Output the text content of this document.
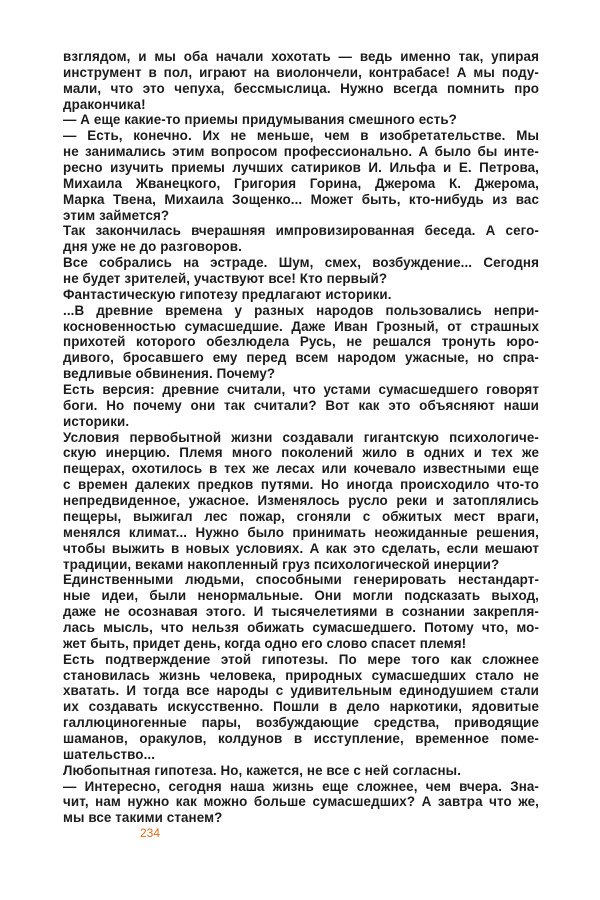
взглядом, и мы оба начали хохотать — ведь именно так, упирая
инструмент в пол, играют на виолончели, контрабасе! А мы поду-
мали, что это чепуха, бессмыслица. Нужно всегда помнить про
дракончика!
— А еще какие-то приемы придумывания смешного есть?
— Есть, конечно. Их не меньше, чем в изобретательстве. Мы
не занимались этим вопросом профессионально. А было бы инте-
ресно изучить приемы лучших сатириков И. Ильфа и Е. Петрова,
Михаила Жванецкого, Григория Горина, Джерома К. Джерома,
Марка Твена, Михаила Зощенко... Может быть, кто-нибудь из вас
этим займется?
Так закончилась вчерашняя импровизированная беседа. А сего-
дня уже не до разговоров.
Все собрались на эстраде. Шум, смех, возбуждение... Сегодня
не будет зрителей, участвуют все! Кто первый?
Фантастическую гипотезу предлагают историки.
...В древние времена у разных народов пользовались непри-
косновенностью сумасшедшие. Даже Иван Грозный, от страшных
прихотей которого обезлюдела Русь, не решался тронуть юро-
дивого, бросавшего ему перед всем народом ужасные, но спра-
ведливые обвинения. Почему?
Есть версия: древние считали, что устами сумасшедшего говорят
боги. Но почему они так считали? Вот как это объясняют наши
историки.
Условия первобытной жизни создавали гигантскую психологиче-
скую инерцию. Племя много поколений жило в одних и тех же
пещерах, охотилось в тех же лесах или кочевало известными еще
с времен далеких предков путями. Но иногда происходило что-то
непредвиденное, ужасное. Изменялось русло реки и затоплялись
пещеры, выжигал лес пожар, сгоняли с обжитых мест враги,
менялся климат... Нужно было принимать неожиданные решения,
чтобы выжить в новых условиях. А как это сделать, если мешают
традиции, веками накопленный груз психологической инерции?
Единственными людьми, способными генерировать нестандарт-
ные идеи, были ненормальные. Они могли подсказать выход,
даже не осознавая этого. И тысячелетиями в сознании закрепля-
лась мысль, что нельзя обижать сумасшедшего. Потому что, мо-
жет быть, придет день, когда одно его слово спасет племя!
Есть подтверждение этой гипотезы. По мере того как сложнее
становилась жизнь человека, природных сумасшедших стало не
хватать. И тогда все народы с удивительным единодушием стали
их создавать искусственно. Пошли в дело наркотики, ядовитые
галлюциногенные пары, возбуждающие средства, приводящие
шаманов, оракулов, колдунов в исступление, временное поме-
шательство...
Любопытная гипотеза. Но, кажется, не все с ней согласны.
— Интересно, сегодня наша жизнь еще сложнее, чем вчера. Зна-
чит, нам нужно как можно больше сумасшедших? А завтра что же,
мы все такими станем?
234
